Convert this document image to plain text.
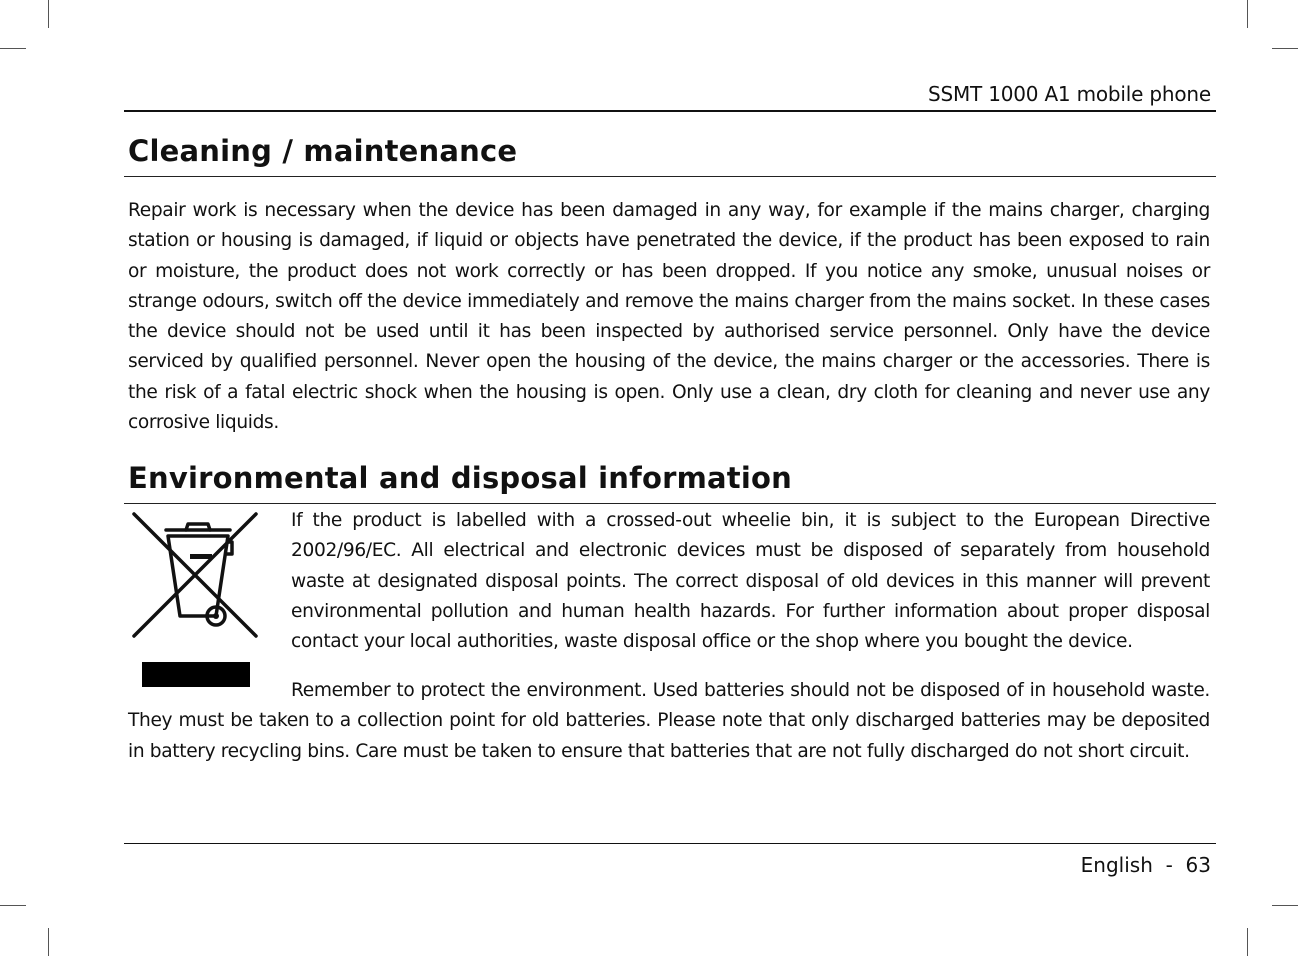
SSMT 1000 A1 mobile phone
Cleaning / maintenance

Repair work is necessary when the device has been damaged in any way, for example if the mains charger, charging station or housing is damaged, if liquid or objects have penetrated the device, if the product has been exposed to rain or moisture, the product does not work correctly or has been dropped. If you notice any smoke, unusual noises or strange odours, switch off the device immediately and remove the mains charger from the mains socket. In these cases the device should not be used until it has been inspected by authorised service personnel. Only have the device serviced by qualified personnel. Never open the housing of the device, the mains charger or the accessories. There is the risk of a fatal electric shock when the housing is open. Only use a clean, dry cloth for cleaning and never use any corrosive liquids.

Environmental and disposal information

If the product is labelled with a crossed-out wheelie bin, it is subject to the European Directive 2002/96/EC. All electrical and electronic devices must be disposed of separately from household waste at designated disposal points. The correct disposal of old devices in this manner will prevent environmental pollution and human health hazards. For further information about proper disposal contact your local authorities, waste disposal office or the shop where you bought the device.

Remember to protect the environment. Used batteries should not be disposed of in household waste. They must be taken to a collection point for old batteries. Please note that only discharged batteries may be deposited in battery recycling bins. Care must be taken to ensure that batteries that are not fully discharged do not short circuit.

English - 63
